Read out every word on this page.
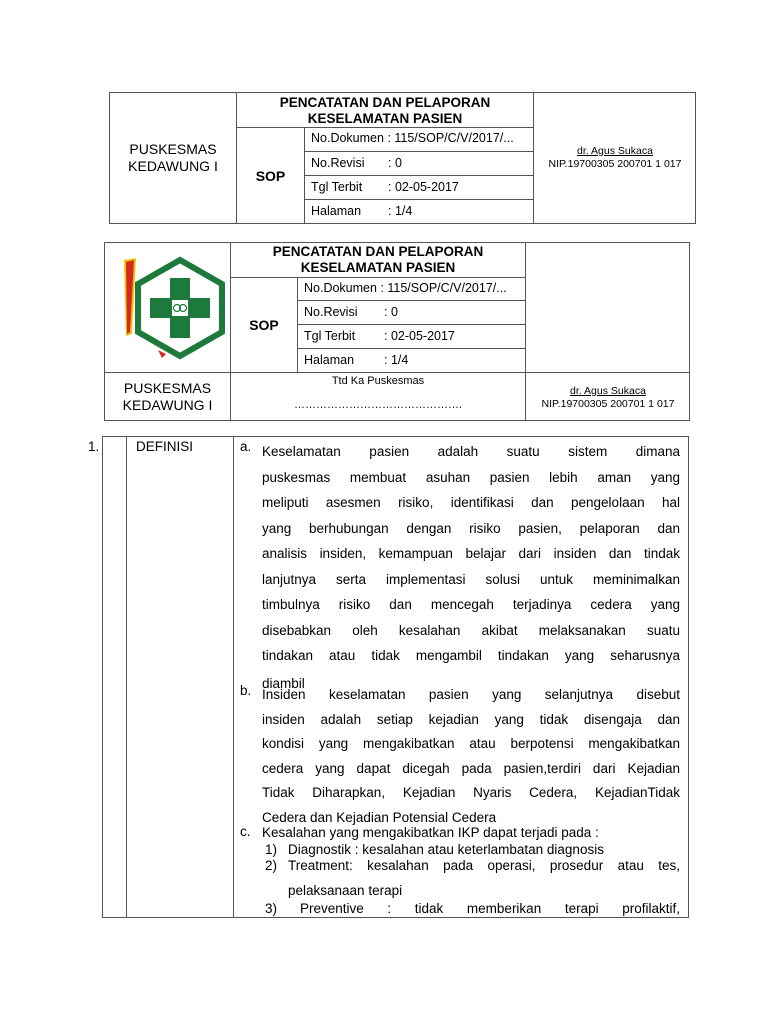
PUSKESMAS
KEDAWUNG I
PENCATATAN DAN PELAPORAN
KESELAMATAN PASIEN
SOP
No.Dokumen : 115/SOP/C/V/2017/...
No.Revisi : 0
Tgl Terbit : 02-05-2017
Halaman : 1/4
dr. Agus Sukaca
NIP.19700305 200701 1 017
PENCATATAN DAN PELAPORAN
KESELAMATAN PASIEN
SOP
No.Dokumen : 115/SOP/C/V/2017/...
No.Revisi : 0
Tgl Terbit : 02-05-2017
Halaman : 1/4
PUSKESMAS
KEDAWUNG I
Ttd Ka Puskesmas
……………………………………….
dr. Agus Sukaca
NIP.19700305 200701 1 017
1.	DEFINISI	a. Keselamatan pasien adalah suatu sistem dimana
puskesmas membuat asuhan pasien lebih aman yang
meliputi asesmen risiko, identifikasi dan pengelolaan hal
yang berhubungan dengan risiko pasien, pelaporan dan
analisis insiden, kemampuan belajar dari insiden dan tindak
lanjutnya serta implementasi solusi untuk meminimalkan
timbulnya risiko dan mencegah terjadinya cedera yang
disebabkan oleh kesalahan akibat melaksanakan suatu
tindakan atau tidak mengambil tindakan yang seharusnya
diambil
b. Insiden keselamatan pasien yang selanjutnya disebut
insiden adalah setiap kejadian yang tidak disengaja dan
kondisi yang mengakibatkan atau berpotensi mengakibatkan
cedera yang dapat dicegah pada pasien,terdiri dari Kejadian
Tidak Diharapkan, Kejadian Nyaris Cedera, KejadianTidak
Cedera dan Kejadian Potensial Cedera
c. Kesalahan yang mengakibatkan IKP dapat terjadi pada :
1) Diagnostik : kesalahan atau keterlambatan diagnosis
2) Treatment: kesalahan pada operasi, prosedur atau tes,
pelaksanaan terapi
3) Preventive : tidak memberikan terapi profilaktif,
